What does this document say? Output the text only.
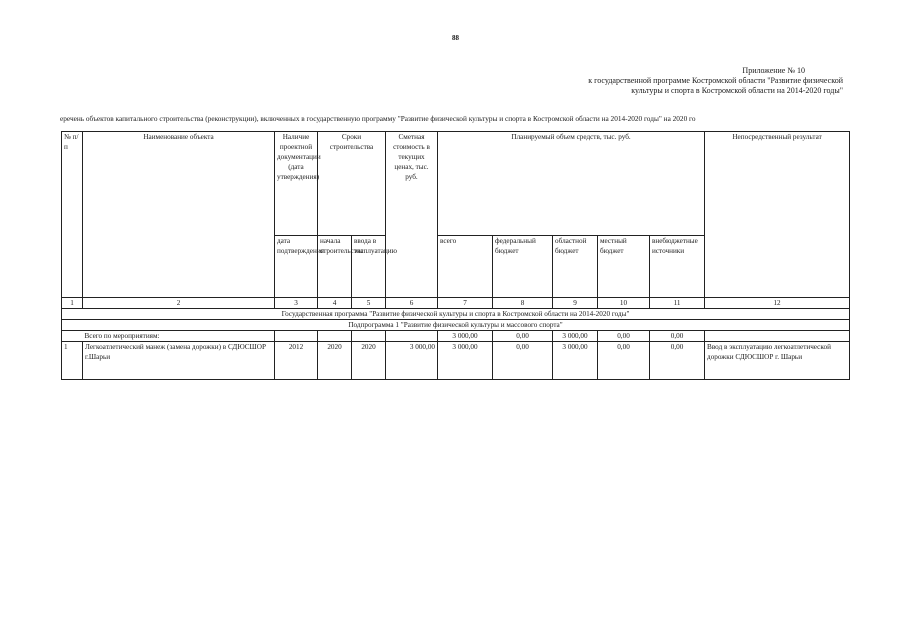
88
Приложение № 10
к государственной программе Костромской области "Развитие физической
культуры и спорта в Костромской области на 2014-2020 годы"
еречень объектов капитального строительства (реконструкции), включенных в государственную программу "Развитие физической культуры и спорта в Костромской области на 2014-2020 годы" на 2020 го
№ п/п	Наименование объекта	Наличие проектной документации (дата утверждения)	Сроки строительства		Сметная стоимость в текущих ценах, тыс. руб.	Планируемый объем средств, тыс. руб.					Непосредственный результат
		дата подтверждения	начала строительства	ввода в эксплуатацию		всего	федеральный бюджет	областной бюджет	местный бюджет	внебюджетные источники	
1	2	3	4	5	6	7	8	9	10	11	12
Государственная программа "Развитие физической культуры и спорта в Костромской области на 2014-2020 годы"											
Подпрограмма 1 "Развитие физической культуры и массового спорта"											
	Всего по мероприятиям:					3 000,00	0,00	3 000,00	0,00	0,00	
1	Легкоатлетический манеж (замена дорожки) в СДЮСШОР г.Шарьи	2012	2020	2020	3 000,00	3 000,00	0,00	3 000,00	0,00	0,00	Ввод в эксплуатацию легкоатлетической дорожки СДЮСШОР г. Шарьи
